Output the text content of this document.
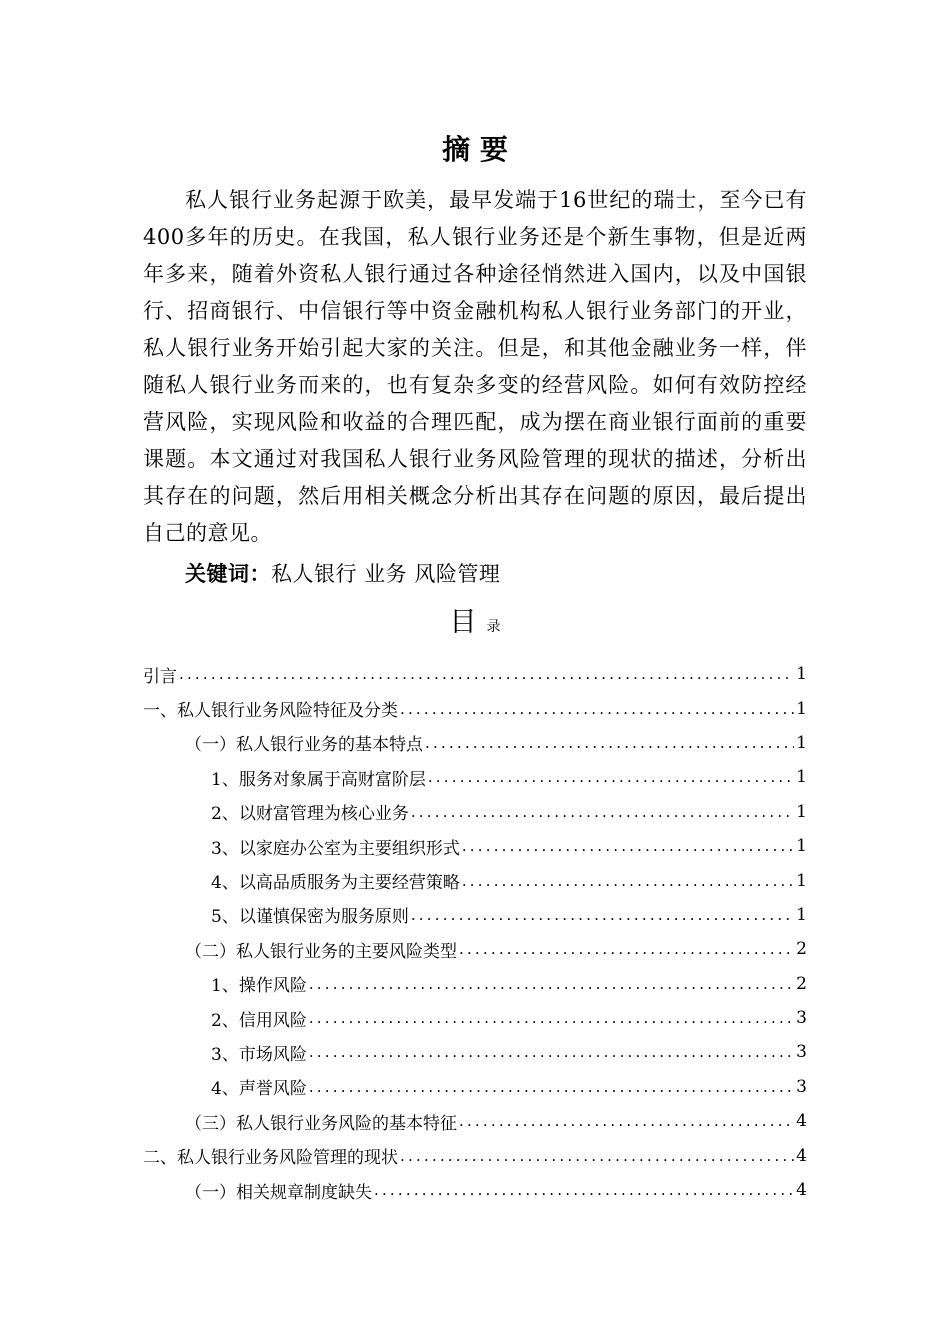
摘 要

私人银行业务起源于欧美，最早发端于16世纪的瑞士，至今已有400多年的历史。在我国，私人银行业务还是个新生事物，但是近两年多来，随着外资私人银行通过各种途径悄然进入国内，以及中国银行、招商银行、中信银行等中资金融机构私人银行业务部门的开业，私人银行业务开始引起大家的关注。但是，和其他金融业务一样，伴随私人银行业务而来的，也有复杂多变的经营风险。如何有效防控经营风险，实现风险和收益的合理匹配，成为摆在商业银行面前的重要课题。本文通过对我国私人银行业务风险管理的现状的描述，分析出其存在的问题，然后用相关概念分析出其存在问题的原因，最后提出自己的意见。

关键词：私人银行 业务 风险管理
目录
引言 .....	1
一、私人银行业务风险特征及分类 .....	1
（一）私人银行业务的基本特点 .....	1
1、服务对象属于高财富阶层 .....	1
2、以财富管理为核心业务 .....	1
3、以家庭办公室为主要组织形式 .....	1
4、以高品质服务为主要经营策略 .....	1
5、以谨慎保密为服务原则 .....	1
（二）私人银行业务的主要风险类型 .....	2
1、操作风险 .....	2
2、信用风险 .....	3
3、市场风险 .....	3
4、声誉风险 .....	3
（三）私人银行业务风险的基本特征 .....	4
二、私人银行业务风险管理的现状 .....	4
（一）相关规章制度缺失 .....	4
